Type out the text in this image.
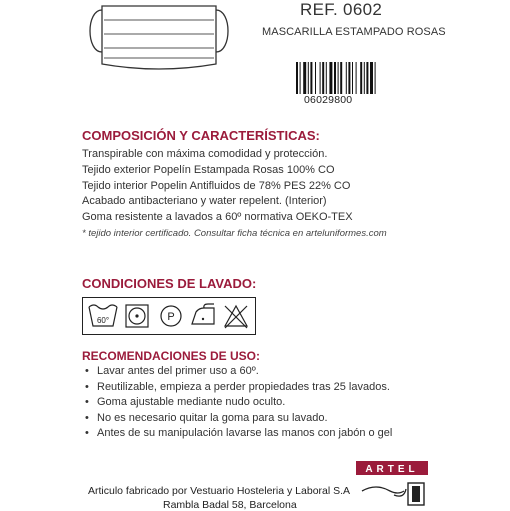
REF. 0602
MASCARILLA ESTAMPADO ROSAS
06029800
COMPOSICIÓN Y CARACTERÍSTICAS:
Transpirable con máxima comodidad y protección.
Tejido exterior Popelín Estampada Rosas 100% CO
Tejido interior Popelin Antifluidos de 78% PES 22% CO
Acabado antibacteriano y water repelent. (Interior)
Goma resistente a lavados a 60º normativa OEKO-TEX
* tejido interior certificado. Consultar ficha técnica en arteluniformes.com
CONDICIONES DE LAVADO:
60°	P
RECOMENDACIONES DE USO:
• Lavar antes del primer uso a 60º.
• Reutilizable, empieza a perder propiedades tras 25 lavados.
• Goma ajustable mediante nudo oculto.
• No es necesario quitar la goma para su lavado.
• Antes de su manipulación lavarse las manos con jabón o gel
ARTEL
Articulo fabricado por Vestuario Hosteleria y Laboral S.A
Rambla Badal 58, Barcelona
